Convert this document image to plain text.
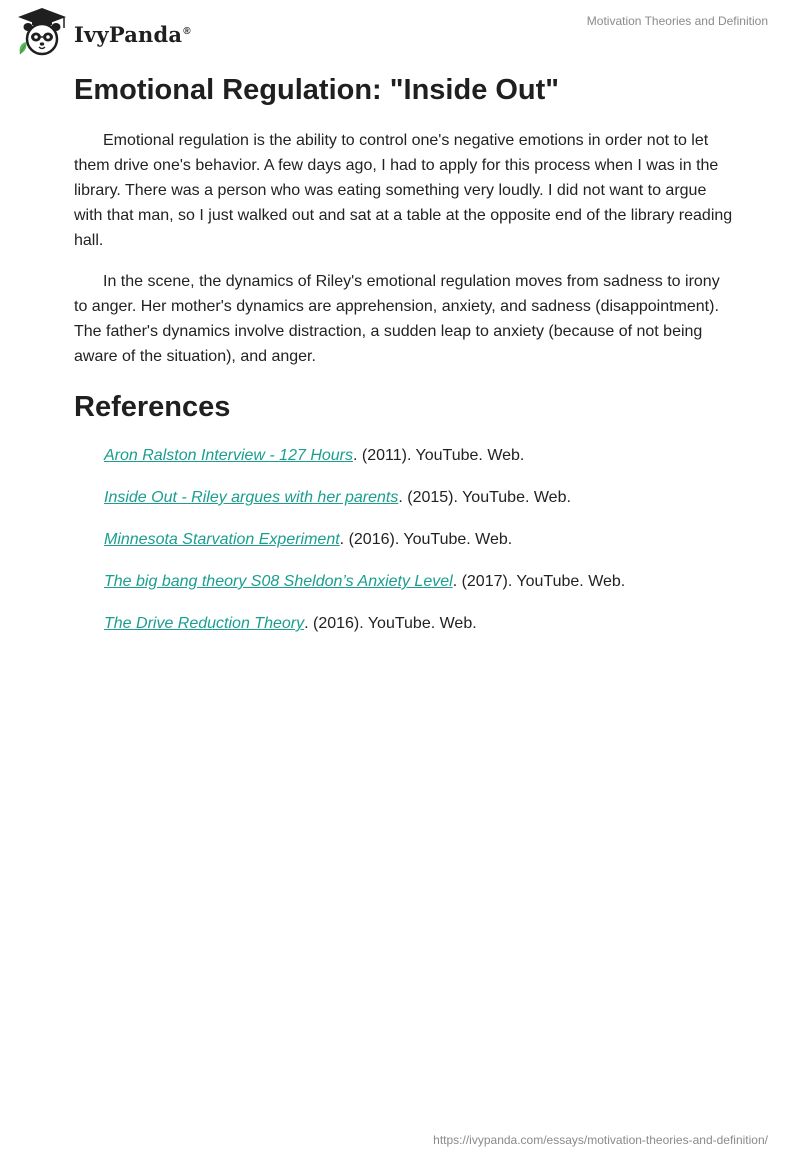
IvyPanda®
Motivation Theories and Definition
Emotional Regulation: "Inside Out"

Emotional regulation is the ability to control one's negative emotions in order not to let them drive one's behavior. A few days ago, I had to apply for this process when I was in the library. There was a person who was eating something very loudly. I did not want to argue with that man, so I just walked out and sat at a table at the opposite end of the library reading hall.

In the scene, the dynamics of Riley's emotional regulation moves from sadness to irony to anger. Her mother's dynamics are apprehension, anxiety, and sadness (disappointment). The father's dynamics involve distraction, a sudden leap to anxiety (because of not being aware of the situation), and anger.

References
Aron Ralston Interview - 127 Hours. (2011). YouTube. Web.
Inside Out - Riley argues with her parents. (2015). YouTube. Web.
Minnesota Starvation Experiment. (2016). YouTube. Web.
The big bang theory S08 Sheldon’s Anxiety Level. (2017). YouTube. Web.
The Drive Reduction Theory. (2016). YouTube. Web.
https://ivypanda.com/essays/motivation-theories-and-definition/
